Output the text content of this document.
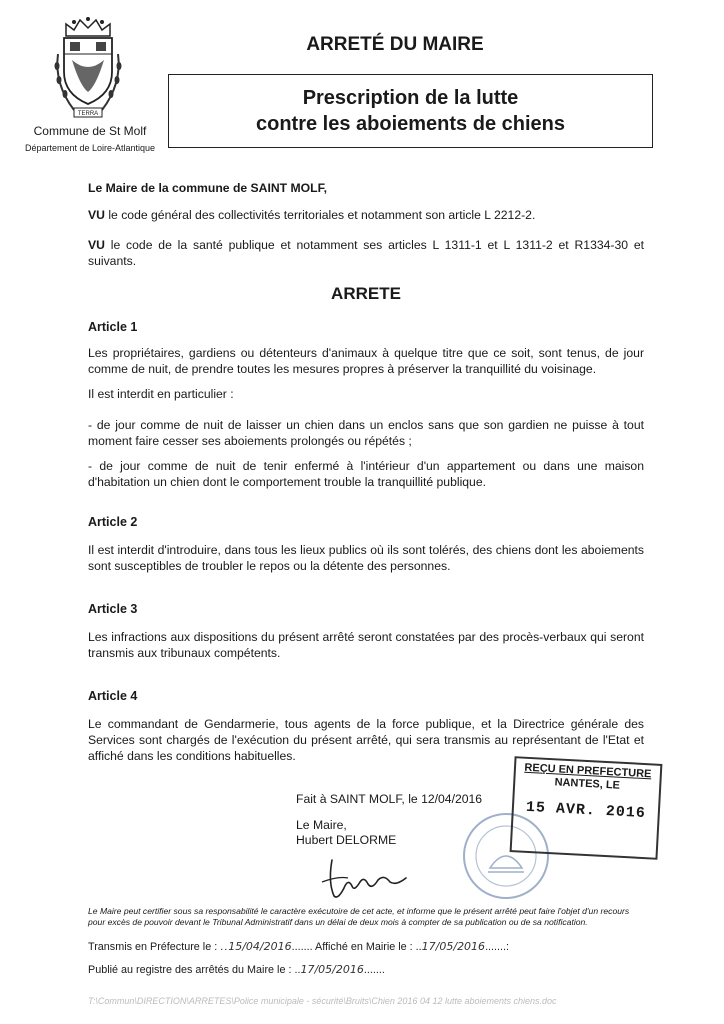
TERRA
Commune de St Molf
Département de Loire-Atlantique
ARRETÉ DU MAIRE
Prescription de la lutte
contre les aboiements de chiens
Le Maire de la commune de SAINT MOLF,
VU le code général des collectivités territoriales et notamment son article L 2212-2.
VU le code de la santé publique et notamment ses articles L 1311-1 et L 1311-2 et R1334-30 et suivants.
ARRETE
Article 1
Les propriétaires, gardiens ou détenteurs d'animaux à quelque titre que ce soit, sont tenus, de jour comme de nuit, de prendre toutes les mesures propres à préserver la tranquillité du voisinage.
Il est interdit en particulier :
- de jour comme de nuit de laisser un chien dans un enclos sans que son gardien ne puisse à tout moment faire cesser ses aboiements prolongés ou répétés ;
- de jour comme de nuit de tenir enfermé à l'intérieur d'un appartement ou dans une maison d'habitation un chien dont le comportement trouble la tranquillité publique.
Article 2
Il est interdit d'introduire, dans tous les lieux publics où ils sont tolérés, des chiens dont les aboiements sont susceptibles de troubler le repos ou la détente des personnes.
Article 3
Les infractions aux dispositions du présent arrêté seront constatées par des procès-verbaux qui seront transmis aux tribunaux compétents.
Article 4
Le commandant de Gendarmerie, tous agents de la force publique, et la Directrice générale des Services sont chargés de l'exécution du présent arrêté, qui sera transmis au représentant de l'Etat et affiché dans les conditions habituelles.
Fait à SAINT MOLF, le 12/04/2016
Le Maire,
Hubert DELORME
REÇU EN PREFECTURE
NANTES, LE
15 AVR. 2016
Le Maire peut certifier sous sa responsabilité le caractère exécutoire de cet acte, et informe que le présent arrêté peut faire l'objet d'un recours pour excès de pouvoir devant le Tribunal Administratif dans un délai de deux mois à compter de sa publication ou de sa notification.
Transmis en Préfecture le : ..15/04/2016....... Affiché en Mairie le : ..17/05/2016.......:
Publié au registre des arrêtés du Maire le : ..17/05/2016.......
T:\Commun\DIRECTION\ARRETES\Police municipale - sécurité\Bruits\Chien 2016 04 12 lutte aboiements chiens.doc
